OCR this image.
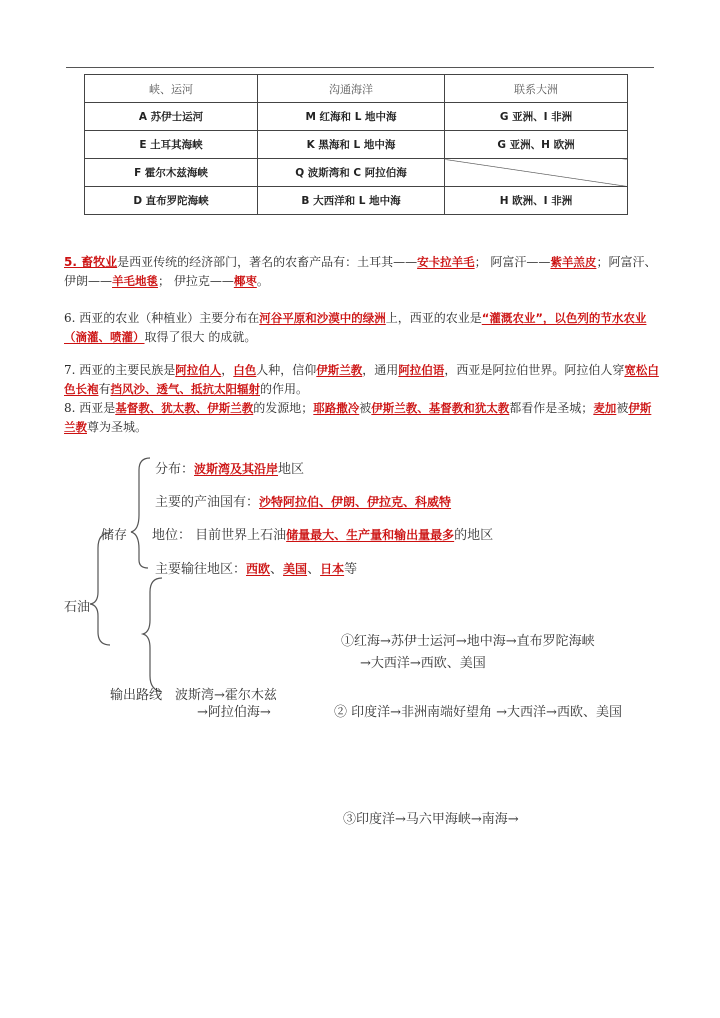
峡、运河	沟通海洋	联系大洲
A 苏伊士运河	M 红海和 L 地中海	G 亚洲、I 非洲
E 土耳其海峡	K 黑海和 L 地中海	G 亚洲、H 欧洲
F 霍尔木兹海峡	Q 波斯湾和 C 阿拉伯海	
D 直布罗陀海峡	B 大西洋和 L 地中海	H 欧洲、I 非洲
5. 畜牧业是西亚传统的经济部门，著名的农畜产品有：土耳其——安卡拉羊毛； 阿富汗——紫羊羔皮；阿富汗、伊朗——羊毛地毯； 伊拉克——椰枣。
6. 西亚的农业（种植业）主要分布在河谷平原和沙漠中的绿洲上，西亚的农业是“灌溉农业”，以色列的节水农业（滴灌、喷灌）取得了很大 的成就。
7. 西亚的主要民族是阿拉伯人，白色人种，信仰伊斯兰教，通用阿拉伯语，西亚是阿拉伯世界。阿拉伯人穿宽松白色长袍有挡风沙、透气、抵抗太阳辐射的作用。
8. 西亚是基督教、犹太教、伊斯兰教的发源地；耶路撒冷被伊斯兰教、基督教和犹太教都看作是圣城；麦加被伊斯兰教尊为圣城。
储存
石油
分布：波斯湾及其沿岸地区
主要的产油国有：沙特阿拉伯、伊朗、伊拉克、科威特
地位： 目前世界上石油储量最大、生产量和输出量最多的地区
主要输往地区：西欧、美国、日本等
①红海→苏伊士运河→地中海→直布罗陀海峡
→大西洋→西欧、美国
输出路线 波斯湾→霍尔木兹
→阿拉伯海→	② 印度洋→非洲南端好望角 →大西洋→西欧、美国
③印度洋→马六甲海峡→南海→
